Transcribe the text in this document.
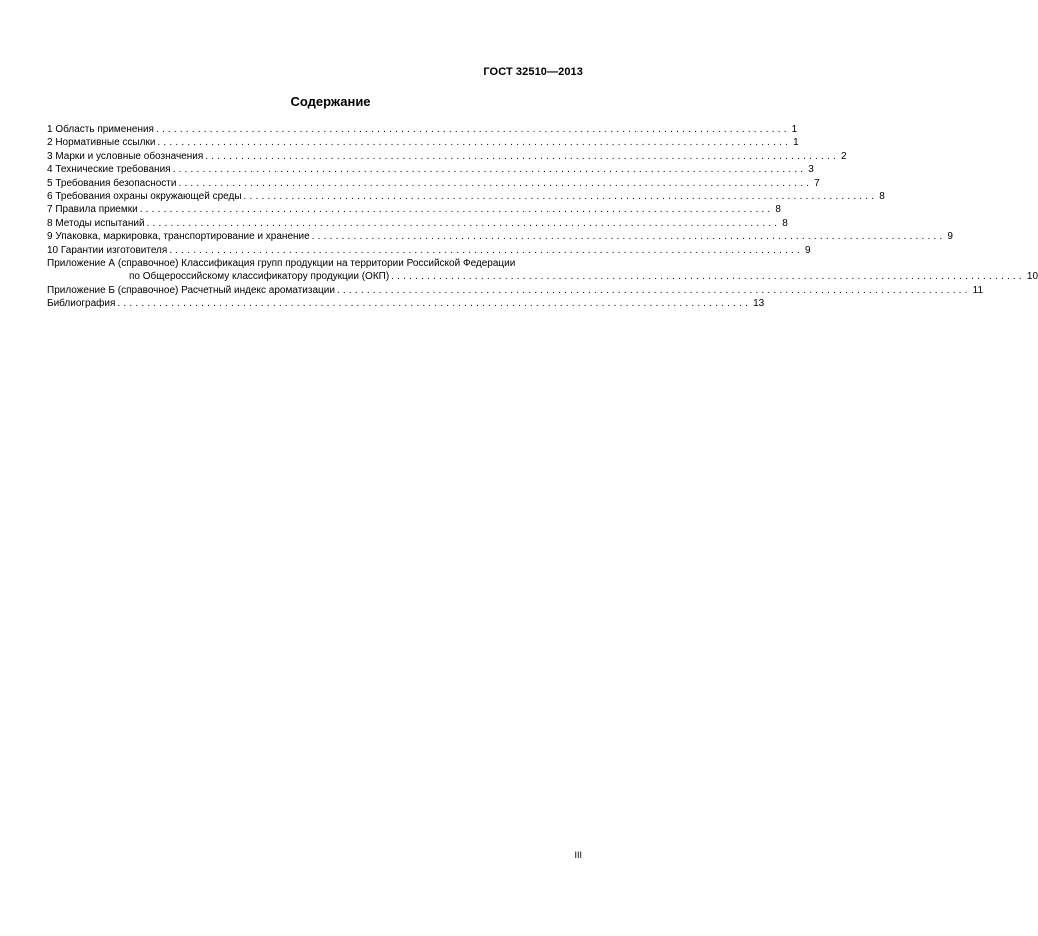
ГОСТ 32510—2013
Содержание
1 Область применения .......................................................................................................... 1
2 Нормативные ссылки .......................................................................................................... 1
3 Марки и условные обозначения .......................................................................................................... 2
4 Технические требования .......................................................................................................... 3
5 Требования безопасности .......................................................................................................... 7
6 Требования охраны окружающей среды .......................................................................................................... 8
7 Правила приемки .......................................................................................................... 8
8 Методы испытаний .......................................................................................................... 8
9 Упаковка, маркировка, транспортирование и хранение .......................................................................................................... 9
10 Гарантии изготовителя .......................................................................................................... 9
Приложение А (справочное) Классификация групп продукции на территории Российской Федерации
по Общероссийскому классификатору продукции (ОКП) .......................................................................................................... 10
Приложение Б (справочное) Расчетный индекс ароматизации .......................................................................................................... 11
Библиография .......................................................................................................... 13
III
